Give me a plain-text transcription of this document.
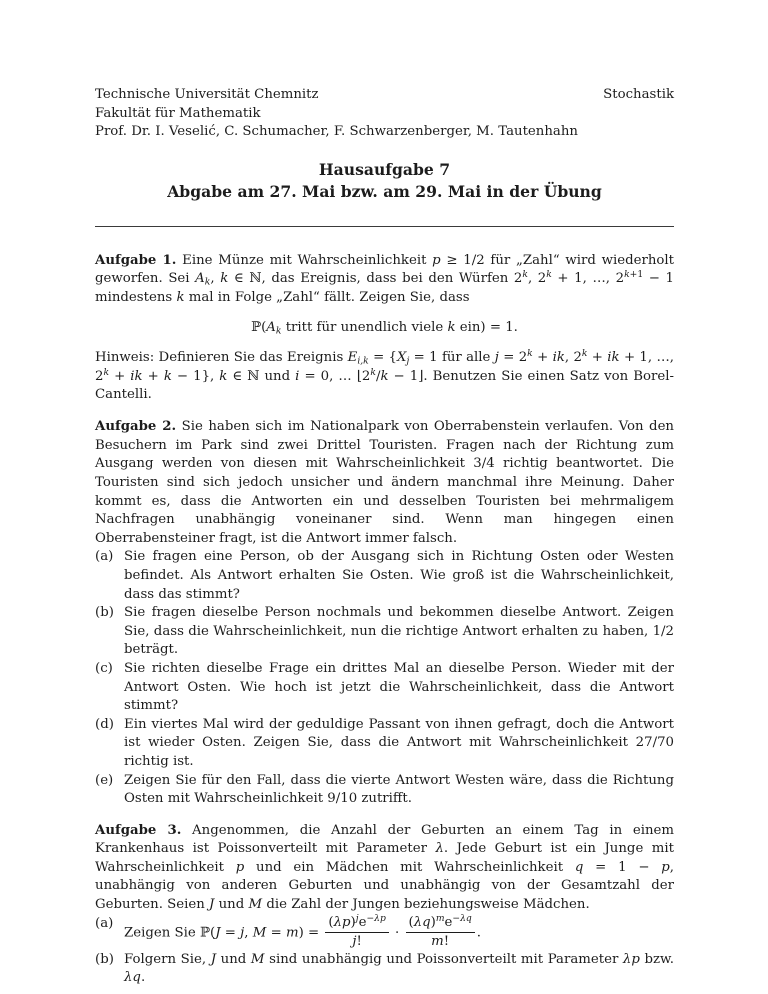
Technische Universität Chemnitz	Stochastik
Fakultät für Mathematik
Prof. Dr. I. Veselić, C. Schumacher, F. Schwarzenberger, M. Tautenhahn
Hausaufgabe 7
Abgabe am 27. Mai bzw. am 29. Mai in der Übung

Aufgabe 1. Eine Münze mit Wahrscheinlichkeit p ≥ 1/2 für „Zahl“ wird wiederholt geworfen. Sei $A_k$, k ∈ ℕ, das Ereignis, dass bei den Würfen 2$^k$, $2^k + 1$, …, $2^{k+1} - 1$ mindestens k mal in Folge „Zahl“ fällt. Zeigen Sie, dass

$ℙ(A_k$ tritt für unendlich viele k ein) = 1.

Hinweis: Definieren Sie das Ereignis $E_{i,k} = \{X_j = 1$ für alle $j = 2^k$ + ik, $2^k$ + ik + 1, …, $2^k$ + ik + k − 1}, k ∈ ℕ und i = 0, … $⌊2^k/k$ − 1⌋. Benutzen Sie einen Satz von Borel-Cantelli.

Aufgabe 2. Sie haben sich im Nationalpark von Oberrabenstein verlaufen. Von den Besuchern im Park sind zwei Drittel Touristen. Fragen nach der Richtung zum Ausgang werden von diesen mit Wahrscheinlichkeit 3/4 richtig beantwortet. Die Touristen sind sich jedoch unsicher und ändern manchmal ihre Meinung. Daher kommt es, dass die Antworten ein und desselben Touristen bei mehrmaligem Nachfragen unabhängig voneinaner sind. Wenn man hingegen einen Oberrabensteiner fragt, ist die Antwort immer falsch.

(a) Sie fragen eine Person, ob der Ausgang sich in Richtung Osten oder Westen befindet. Als Antwort erhalten Sie Osten. Wie groß ist die Wahrscheinlichkeit, dass das stimmt?
(b) Sie fragen dieselbe Person nochmals und bekommen dieselbe Antwort. Zeigen Sie, dass die Wahrscheinlichkeit, nun die richtige Antwort erhalten zu haben, 1/2 beträgt.
(c) Sie richten dieselbe Frage ein drittes Mal an dieselbe Person. Wieder mit der Antwort Osten. Wie hoch ist jetzt die Wahrscheinlichkeit, dass die Antwort stimmt?
(d) Ein viertes Mal wird der geduldige Passant von ihnen gefragt, doch die Antwort ist wieder Osten. Zeigen Sie, dass die Antwort mit Wahrscheinlichkeit 27/70 richtig ist.
(e) Zeigen Sie für den Fall, dass die vierte Antwort Westen wäre, dass die Richtung Osten mit Wahrscheinlichkeit 9/10 zutrifft.

Aufgabe 3. Angenommen, die Anzahl der Geburten an einem Tag in einem Krankenhaus ist Poissonverteilt mit Parameter λ. Jede Geburt ist ein Junge mit Wahrscheinlichkeit p und ein Mädchen mit Wahrscheinlichkeit q = 1 − p, unabhängig von anderen Geburten und unabhängig von der Gesamtzahl der Geburten. Seien J und M die Zahl der Jungen beziehungsweise Mädchen.

(a)
Zeigen Sie ℙ(J = j, $M = m) = \frac{(\lambda p)^je^{-\lambda p}}{j!} \cdot \frac{(\lambda q)^me^{-\lambda q}}{m!}$ .
(b) Folgern Sie, J und M sind unabhängig und Poissonverteilt mit Parameter λp bzw. λq.
